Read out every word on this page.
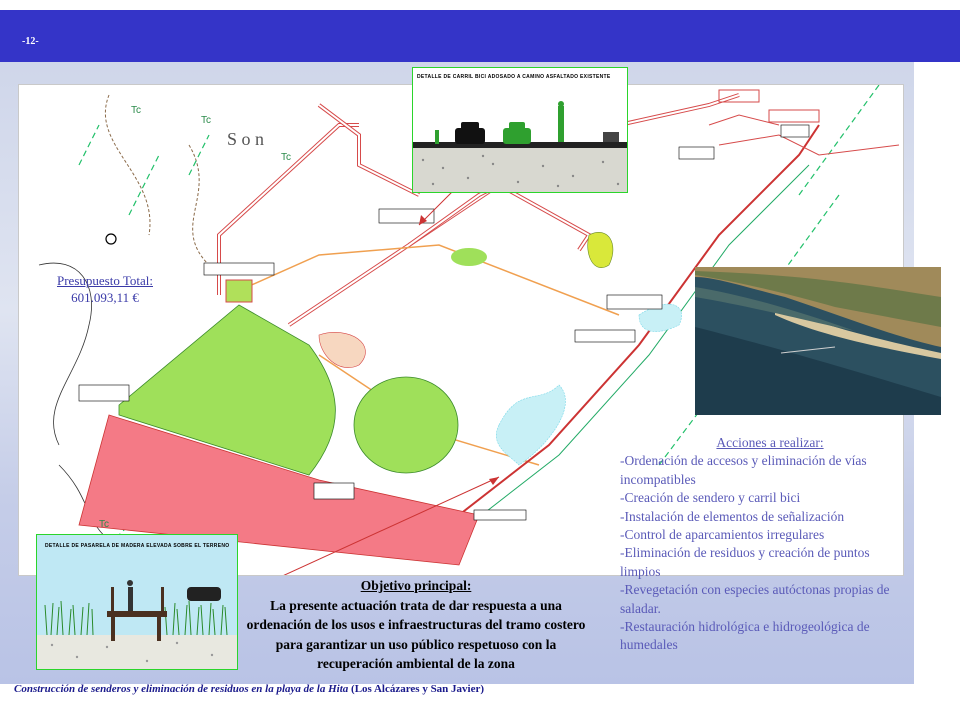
-12-
Tc
Tc
Tc
Tc
S o n
Presupuesto Total:
601.093,11 €
DETALLE DE CARRIL BICI ADOSADO A CAMINO ASFALTADO EXISTENTE
DETALLE DE PASARELA DE MADERA ELEVADA SOBRE EL TERRENO
Acciones a realizar:
-Ordenación de accesos y eliminación de vías incompatibles
-Creación de sendero y carril bici
-Instalación de elementos de señalización
-Control de aparcamientos irregulares
-Eliminación de residuos y creación de puntos limpios
-Revegetación con especies autóctonas propias de saladar.
-Restauración hidrológica e hidrogeológica de humedales
Objetivo principal:
La presente actuación trata de dar respuesta a una ordenación de los usos e infraestructuras del tramo costero para garantizar un uso público respetuoso con la recuperación ambiental de la zona
Construcción de senderos y eliminación de residuos en la playa de la Hita (Los Alcázares y San Javier)
